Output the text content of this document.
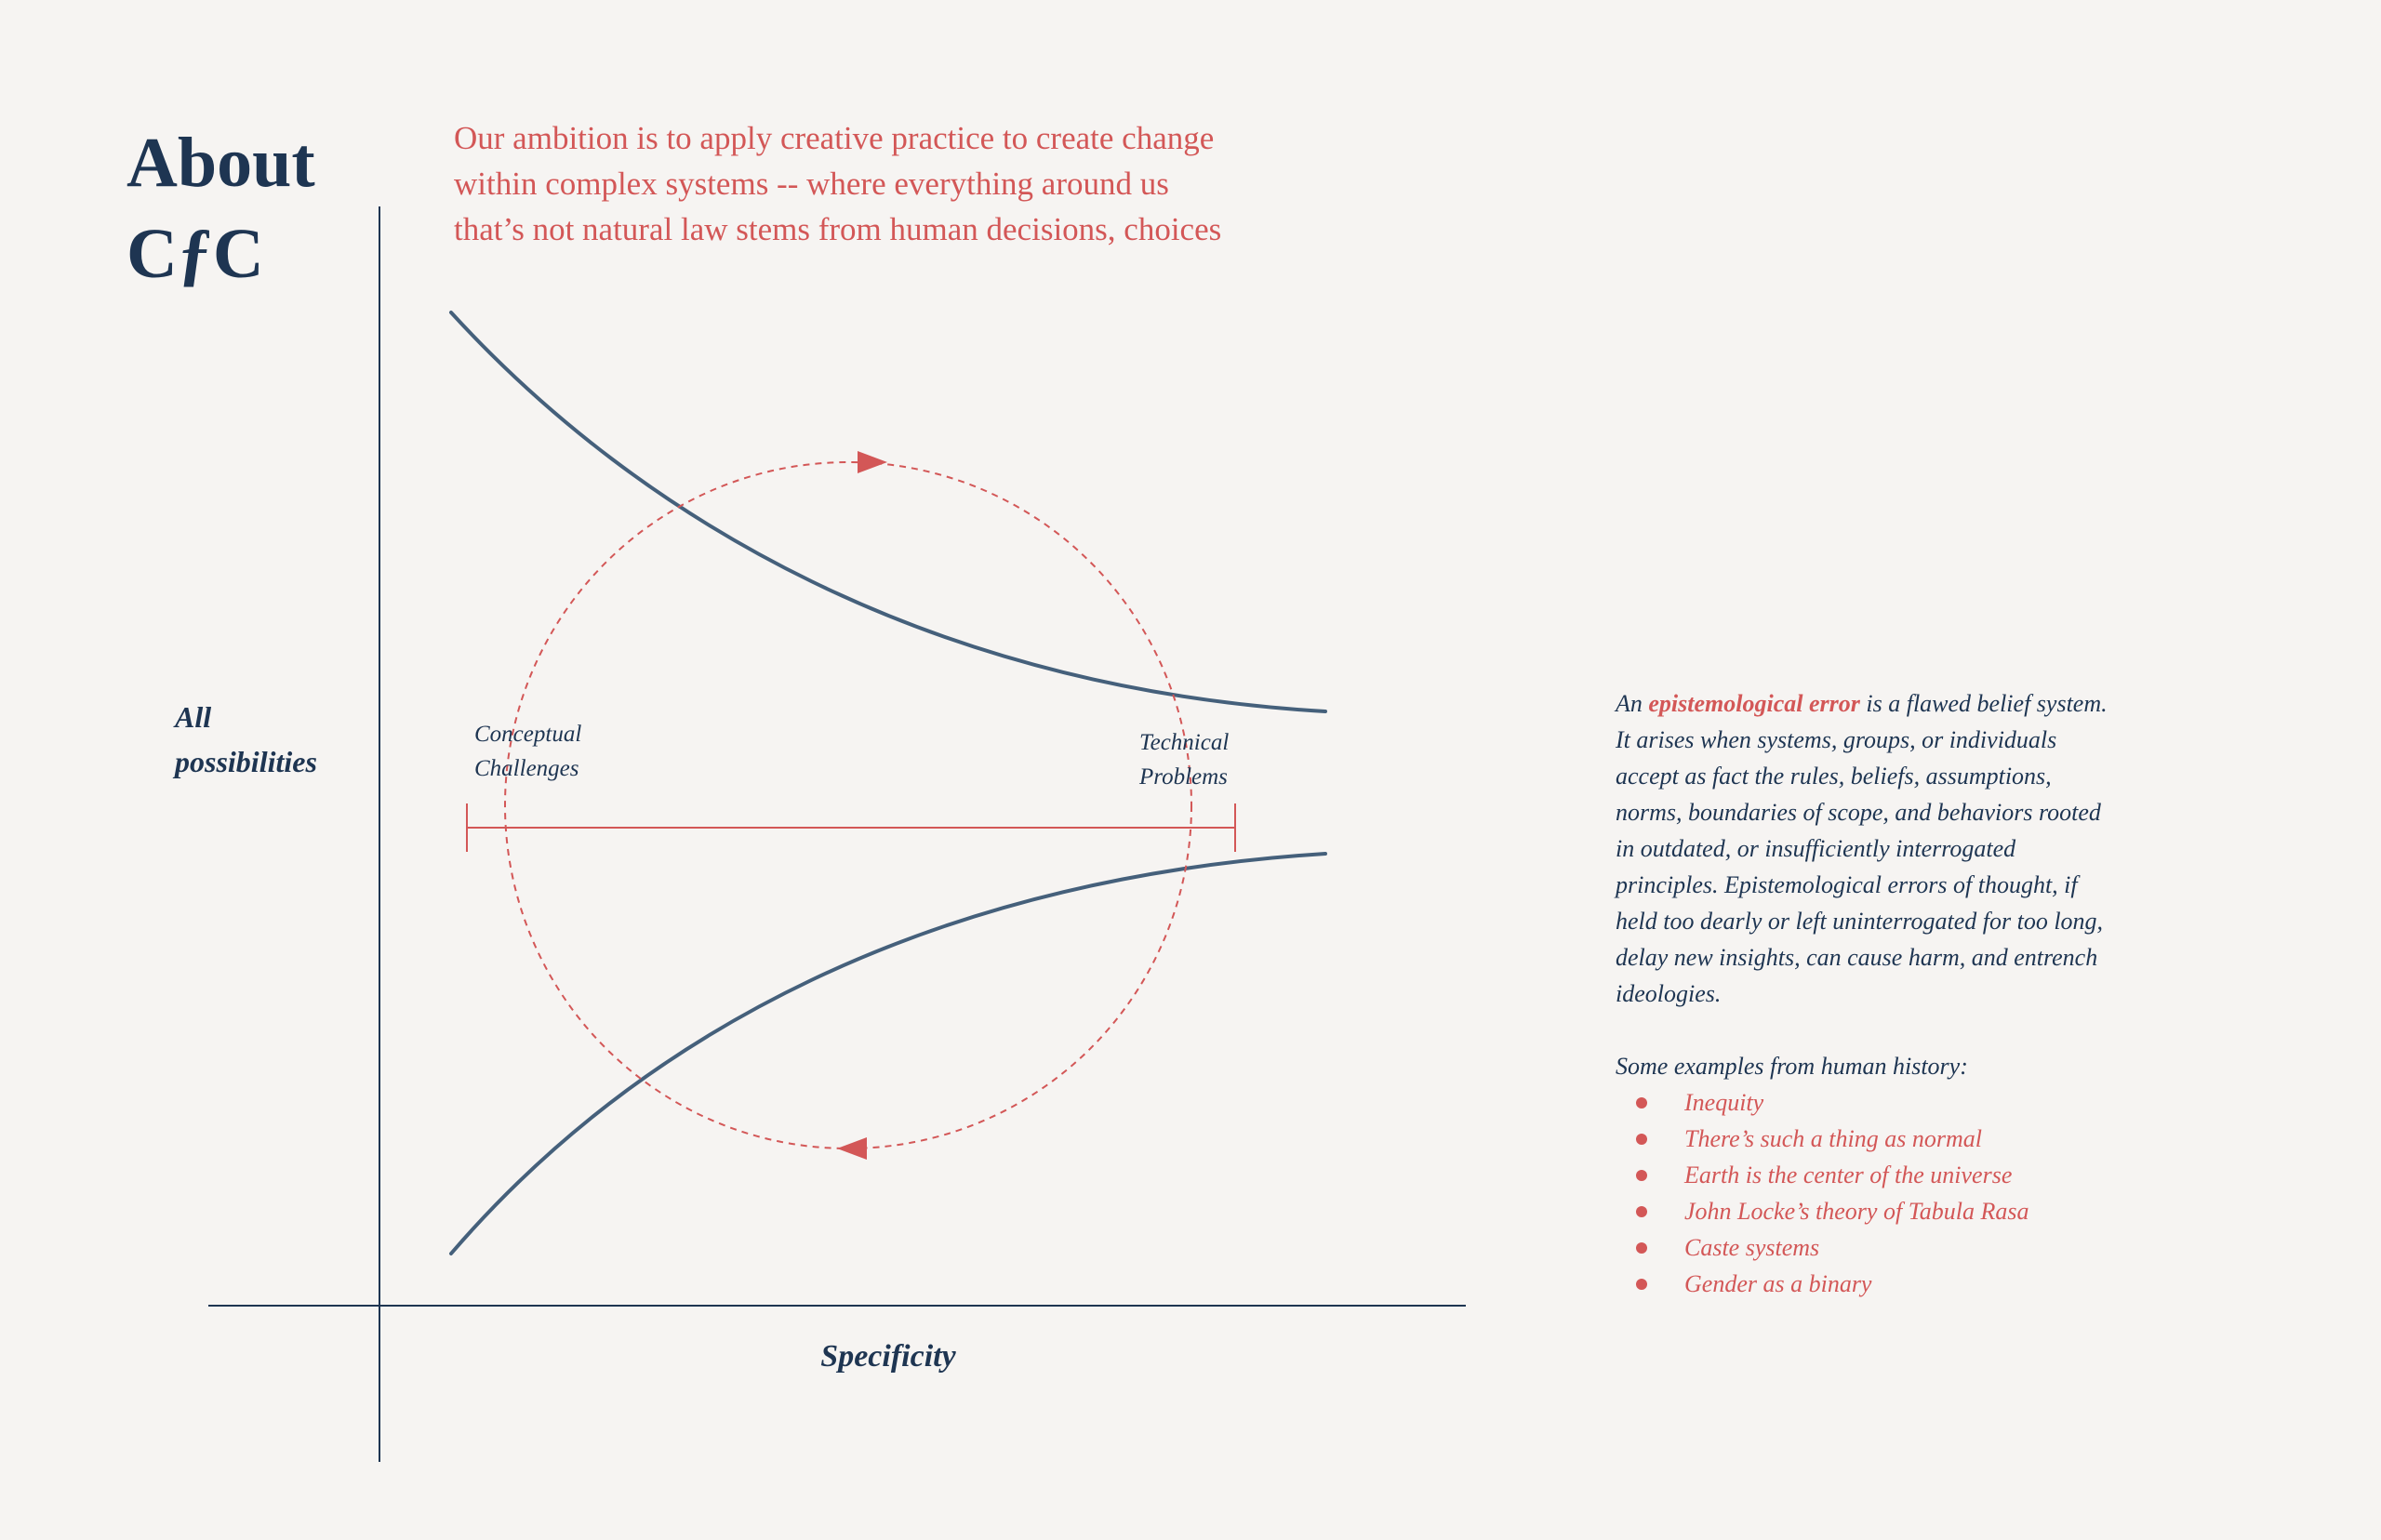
About
CƒC

Our ambition is to apply creative practice to create change
within complex systems -- where everything around us
that’s not natural law stems from human decisions, choices

All
possibilities
Specificity
Conceptual
Challenges
Technical
Problems

An epistemological error is a flawed belief system. It arises when systems, groups, or individuals accept as fact the rules, beliefs, assumptions, norms, boundaries of scope, and behaviors rooted in outdated, or insufficiently interrogated principles. Epistemological errors of thought, if held too dearly or left uninterrogated for too long, delay new insights, can cause harm, and entrench ideologies.

Some examples from human history:

Inequity
There’s such a thing as normal
Earth is the center of the universe
John Locke’s theory of Tabula Rasa
Caste systems
Gender as a binary
